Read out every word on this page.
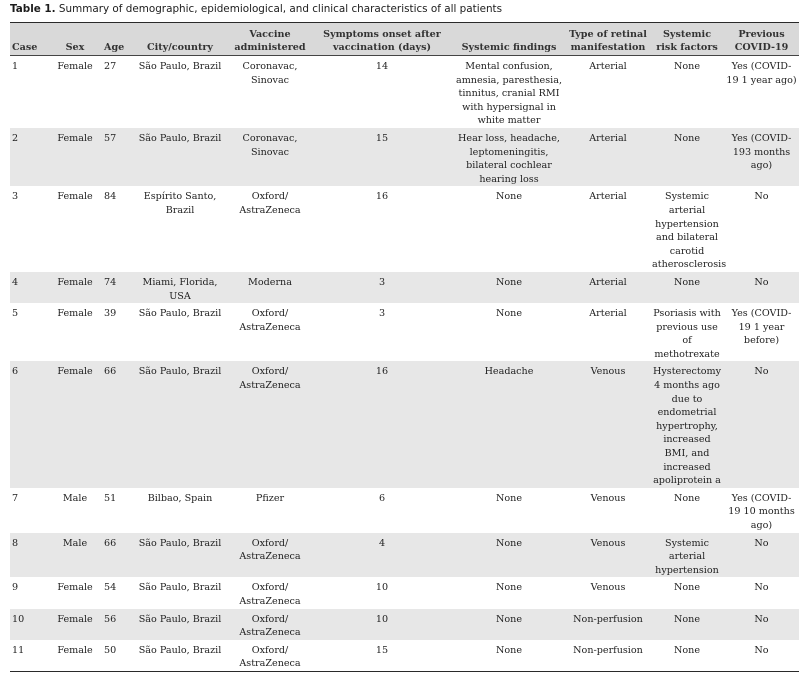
Table 1. Summary of demographic, epidemiological, and clinical characteristics of all patients
Case	Sex	Age	City/country	Vaccine administered	Symptoms onset after vaccination (days)	Systemic findings	Type of retinal manifestation	Systemic risk factors	Previous COVID-19
1	Female	27	São Paulo, Brazil	Coronavac, Sinovac	14	Mental confusion, amnesia, paresthesia, tinnitus, cranial RMI with hypersignal in white matter	Arterial	None	Yes (COVID-19 1 year ago)
2	Female	57	São Paulo, Brazil	Coronavac, Sinovac	15	Hear loss, headache, leptomeningitis, bilateral cochlear hearing loss	Arterial	None	Yes (COVID-193 months ago)
3	Female	84	Espírito Santo, Brazil	Oxford/ AstraZeneca	16	None	Arterial	Systemic arterial hypertension and bilateral carotid atherosclerosis	No
4	Female	74	Miami, Florida, USA	Moderna	3	None	Arterial	None	No
5	Female	39	São Paulo, Brazil	Oxford/ AstraZeneca	3	None	Arterial	Psoriasis with previous use of methotrexate	Yes (COVID-19 1 year before)
6	Female	66	São Paulo, Brazil	Oxford/ AstraZeneca	16	Headache	Venous	Hysterectomy 4 months ago due to endometrial hypertrophy, increased BMI, and increased apoliprotein a	No
7	Male	51	Bilbao, Spain	Pfizer	6	None	Venous	None	Yes (COVID-19 10 months ago)
8	Male	66	São Paulo, Brazil	Oxford/ AstraZeneca	4	None	Venous	Systemic arterial hypertension	No
9	Female	54	São Paulo, Brazil	Oxford/ AstraZeneca	10	None	Venous	None	No
10	Female	56	São Paulo, Brazil	Oxford/ AstraZeneca	10	None	Non-perfusion	None	No
11	Female	50	São Paulo, Brazil	Oxford/ AstraZeneca	15	None	Non-perfusion	None	No
